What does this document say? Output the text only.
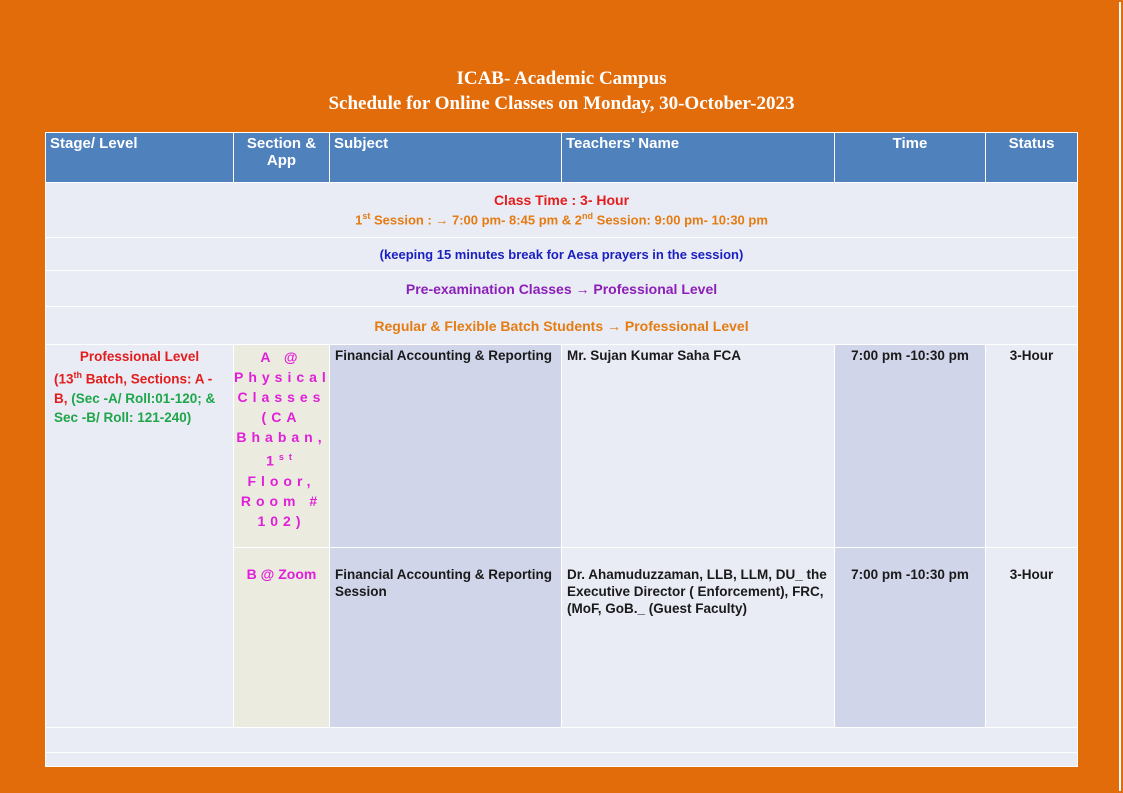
ICAB- Academic Campus
Schedule for Online Classes on Monday, 30-October-2023
Stage/ Level	Section & App	Subject	Teachers’ Name	Time	Status

Class Time : 3- Hour
1st Session : → 7:00 pm- 8:45 pm & 2nd Session: 9:00 pm- 10:30 pm					

(keeping 15 minutes break for Aesa prayers in the session)					
Pre-examination Classes → Professional Level					
Regular & Flexible Batch Students → Professional Level					

Professional Level
(13th Batch, Sections: A -B, (Sec -A/ Roll:01-120; & Sec -B/ Roll: 121-240)	A @ Physical Classes (CA Bhaban, 1st Floor, Room # 102)	Financial Accounting & Reporting	Mr. Sujan Kumar Saha FCA	7:00 pm -10:30 pm	3-Hour
	B @ Zoom	Financial Accounting & Reporting
Session	Dr. Ahamuduzzaman, LLB, LLM, DU_ the Executive Director ( Enforcement), FRC, (MoF, GoB._ (Guest Faculty)	7:00 pm -10:30 pm	3-Hour
